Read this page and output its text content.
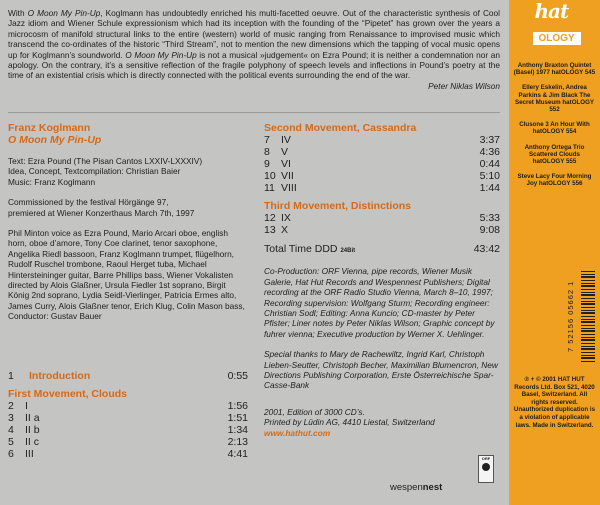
With O Moon My Pin-Up, Koglmann has undoubtedly enriched his multi-facetted oeuvre. Out of the characteristic synthesis of Cool Jazz idiom and Wiener Schule expressionism which had its inception with the founding of the “Pipetet” has grown over the years a microcosm of manifold structural links to the entire (western) world of music ranging from Renaissance to improvised music which transcend the co-ordinates of the historic “Third Stream”, not to mention the new dimensions which the tapping of vocal music opens up for Koglmann’s soundworld. O Moon My Pin-Up is not a musical »judgement« on Ezra Pound; it is neither a condemnation nor an apology. On the contrary, it’s a sensitive reflection of the fragile polyphony of speech levels and inflections in Pound’s poetry at the time of an existential crisis which is directly connected with the political events surrounding the end of the war.
Peter Niklas Wilson
Franz Koglmann
O Moon My Pin-Up
Text: Ezra Pound (The Pisan Cantos LXXIV-LXXXIV)
Idea, Concept, Textcompilation: Christian Baier
Music: Franz Koglmann
Commissioned by the festival Hörgänge 97,
premiered at Wiener Konzerthaus March 7th, 1997
Phil Minton voice as Ezra Pound, Mario Arcari oboe, english horn, oboe d’amore, Tony Coe clarinet, tenor saxophone, Angelika Riedl bassoon, Franz Koglmann trumpet, flügelhorn, Rudolf Ruschel trombone, Raoul Herget tuba, Michael Hintersteininger guitar, Barre Phillips bass, Wiener Vokalisten directed by Alois Glaßner, Ursula Fiedler 1st soprano, Birgit König 2nd soprano, Lydia Seidl-Vierlinger, Patricia Ermes alto, James Curry, Alois Glaßner tenor, Erich Klug, Colin Mason bass, Conductor: Gustav Bauer
1	Introduction	0:55
First Movement, Clouds
2	I	1:56
3	II a	1:51
4	II b	1:34
5	II c	2:13
6	III	4:41
Second Movement, Cassandra
7	IV	3:37
8	V	4:36
9	VI	0:44
10 VII	5:10
11 VIII	1:44
Third Movement, Distinctions
12 IX	5:33
13 X	9:08
Total Time DDD 24Bit	43:42
Co-Production: ORF Vienna, pipe records, Wiener Musik Galerie, Hat Hut Records and Wespennest Publishers; Digital recording at the ORF Radio Studio Vienna, March 8–10, 1997; Recording supervision: Wolfgang Sturm; Recording engineer: Christian Sodl; Editing: Anna Kuncio; CD-master by Peter Pfister; Liner notes by Peter Niklas Wilson; Graphic concept by fuhrer vienna; Executive production by Werner X. Uehlinger.
Special thanks to Mary de Rachewiltz, Ingrid Karl, Christoph Lieben-Seutter, Christoph Becher, Maximilian Blumencron, New Directions Publishing Corporation, Erste Österreichische Spar-Casse-Bank
2001, Edition of 3000 CD’s.
Printed by Lüdin AG, 4410 Liestal, Switzerland
www.hathut.com
ORF
wespennest
hat
OLOGY
Anthony Braxton Quintet (Basel) 1977 hatOLOGY 545
Ellery Eskelin, Andrea Parkins & Jim Black The Secret Museum hatOLOGY 552
Clusone 3 An Hour With hatOLOGY 554
Anthony Ortega Trio Scattered Clouds hatOLOGY 555
Steve Lacy Four Morning Joy hatOLOGY 556
7 52156 05662 1
℗ + © 2001 HAT HUT Records Ltd. Box 521, 4020 Basel, Switzerland. All rights reserved. Unauthorized duplication is a violation of applicable laws. Made in Switzerland.
